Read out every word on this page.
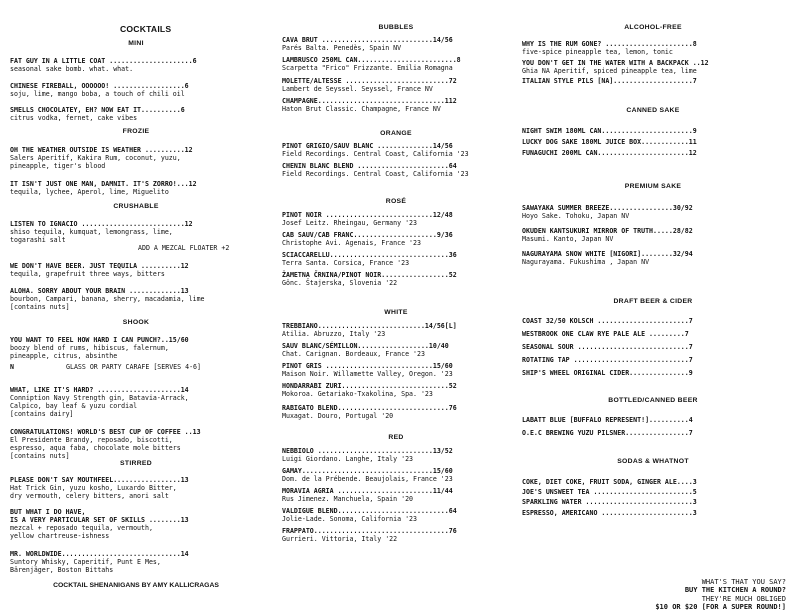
COCKTAILS
MINI
FAT GUY IN A LITTLE COAT .....................6
seasonal sake bomb. what. what.
CHINESE FIREBALL, OOOOOO! ..................6
soju, lime, mango boba, a touch of chili oil
SMELLS CHOCOLATEY, EH? NOW EAT IT..........6
citrus vodka, fernet, cake vibes
FROZIE
OH THE WEATHER OUTSIDE IS WEATHER ..........12
Salers Aperitif, Kakira Rum, coconut, yuzu,
pineapple, tiger's blood
IT ISN'T JUST ONE MAN, DAMNIT. IT'S ZORRO!...12
tequila, lychee, Aperol, lime, Miguelito
CRUSHABLE
LISTEN TO IGNACIO ..........................12
shiso tequila, kumquat, lemongrass, lime,
togarashi salt
ADD A MEZCAL FLOATER +2
WE DON'T HAVE BEER. JUST TEQUILA ..........12
tequila, grapefruit three ways, bitters
ALOHA. SORRY ABOUT YOUR BRAIN .............13
bourbon, Campari, banana, sherry, macadamia, lime
[contains nuts]
SHOOK
YOU WANT TO FEEL HOW HARD I CAN PUNCH?..15/60
boozy blend of rums, hibiscus, falernum,
pineapple, citrus, absinthe
N	GLASS OR PARTY CARAFE [SERVES 4-6]
WHAT, LIKE IT'S HARD? .....................14
Conniption Navy Strength gin, Batavia-Arrack,
Calpico, bay leaf & yuzu cordial
[contains dairy]
CONGRATULATIONS! WORLD'S BEST CUP OF COFFEE ..13
El Presidente Brandy, reposado, biscotti,
espresso, aqua faba, chocolate mole bitters
[contains nuts]
STIRRED
PLEASE DON'T SAY MOUTHFEEL.................13
Hat Trick Gin, yuzu kosho, Luxardo Bitter,
dry vermouth, celery bitters, anori salt
BUT WHAT I DO HAVE,
IS A VERY PARTICULAR SET OF SKILLS ........13
mezcal + reposado tequila, vermouth,
yellow chartreuse-ishness
MR. WORLDWIDE..............................14
Suntory Whisky, Caperitif, Punt E Mes,
Bärenjäger, Boston Bittahs
COCKTAIL SHENANIGANS BY AMY KALLICRAGAS
BUBBLES
CAVA BRUT ............................14/56
Parés Balta. Penedès, Spain NV
LAMBRUSCO 250ML CAN.........................8
Scarpetta "Frico" Frizzante. Emilia Romagna
MOLETTE/ALTESSE ..........................72
Lambert de Seyssel. Seyssel, France NV
CHAMPAGNE................................112
Haton Brut Classic. Champagne, France NV
ORANGE
PINOT GRIGIO/SAUV BLANC ..............14/56
Field Recordings. Central Coast, California '23
CHENIN BLANC BLEND .......................64
Field Recordings. Central Coast, California '23
ROSÉ
PINOT NOIR ...........................12/48
Josef Leitz. Rheingau, Germany '23
CAB SAUV/CAB FRANC.....................9/36
Christophe Avi. Agenais, France '23
SCIACCARELLU..............................36
Terra Santa. Corsica, France '23
ŽAMETNA ČRNINA/PINOT NOIR.................52
Gönc. Štajerska, Slovenia '22
WHITE
TREBBIANO...........................14/56[L]
Atilia. Abruzzo, Italy '23
SAUV BLANC/SÉMILLON..................10/40
Chat. Carignan. Bordeaux, France '23
PINOT GRIS ...........................15/60
Maison Noir. Willamette Valley, Oregon. '23
HONDARRABI ZURI...........................52
Mokoroa. Getariako-Txakolina, Spa. '23
RABIGATO BLEND............................76
Muxagat. Douro, Portugal '20
RED
NEBBIOLO .............................13/52
Luigi Giordano. Langhe, Italy '23
GAMAY.................................15/60
Dom. de la Prébende. Beaujolais, France '23
MORAVIA AGRIA ........................11/44
Rus Jimenez. Manchuela, Spain '20
VALDIGUE BLEND............................64
Jolie-Lade. Sonoma, California '23
FRAPPATO..................................76
Gurrieri. Vittoria, Italy '22
ALCOHOL-FREE
WHY IS THE RUM GONE? ......................8
five-spice pineapple tea, lemon, tonic
YOU DON'T GET IN THE WATER WITH A BACKPACK ..12
Ghia NA Aperitif, spiced pineapple tea, lime
ITALIAN STYLE PILS [NA]....................7
CANNED SAKE
NIGHT SWIM 180ML CAN.......................9
LUCKY DOG SAKE 180ML JUICE BOX............11
FUNAGUCHI 200ML CAN.......................12
PREMIUM SAKE
SAWAYAKA SUMMER BREEZE................30/92
Hoyo Sake. Tohoku, Japan NV
OKUDEN KANTSUKURI MIRROR OF TRUTH.....28/82
Masumi. Kanto, Japan NV
NAGURAYAMA SNOW WHITE [NIGORI]........32/94
Nagurayama. Fukushima , Japan NV
DRAFT BEER & CIDER
COAST 32/50 KOLSCH .......................7
WESTBROOK ONE CLAW RYE PALE ALE .........7
SEASONAL SOUR ............................7
ROTATING TAP .............................7
SHIP'S WHEEL ORIGINAL CIDER...............9
BOTTLED/CANNED BEER
LABATT BLUE [BUFFALO REPRESENT!]..........4
O.E.C BREWING YUZU PILSNER................7
SODAS & WHATNOT
COKE, DIET COKE, FRUIT SODA, GINGER ALE....3
JOE'S UNSWEET TEA .........................5
SPARKLING WATER ...........................3
ESPRESSO, AMERICANO .......................3
WHAT'S THAT YOU SAY?
BUY THE KITCHEN A ROUND?
THEY'RE MUCH OBLIGED
$10 OR $20 [FOR A SUPER ROUND!]
